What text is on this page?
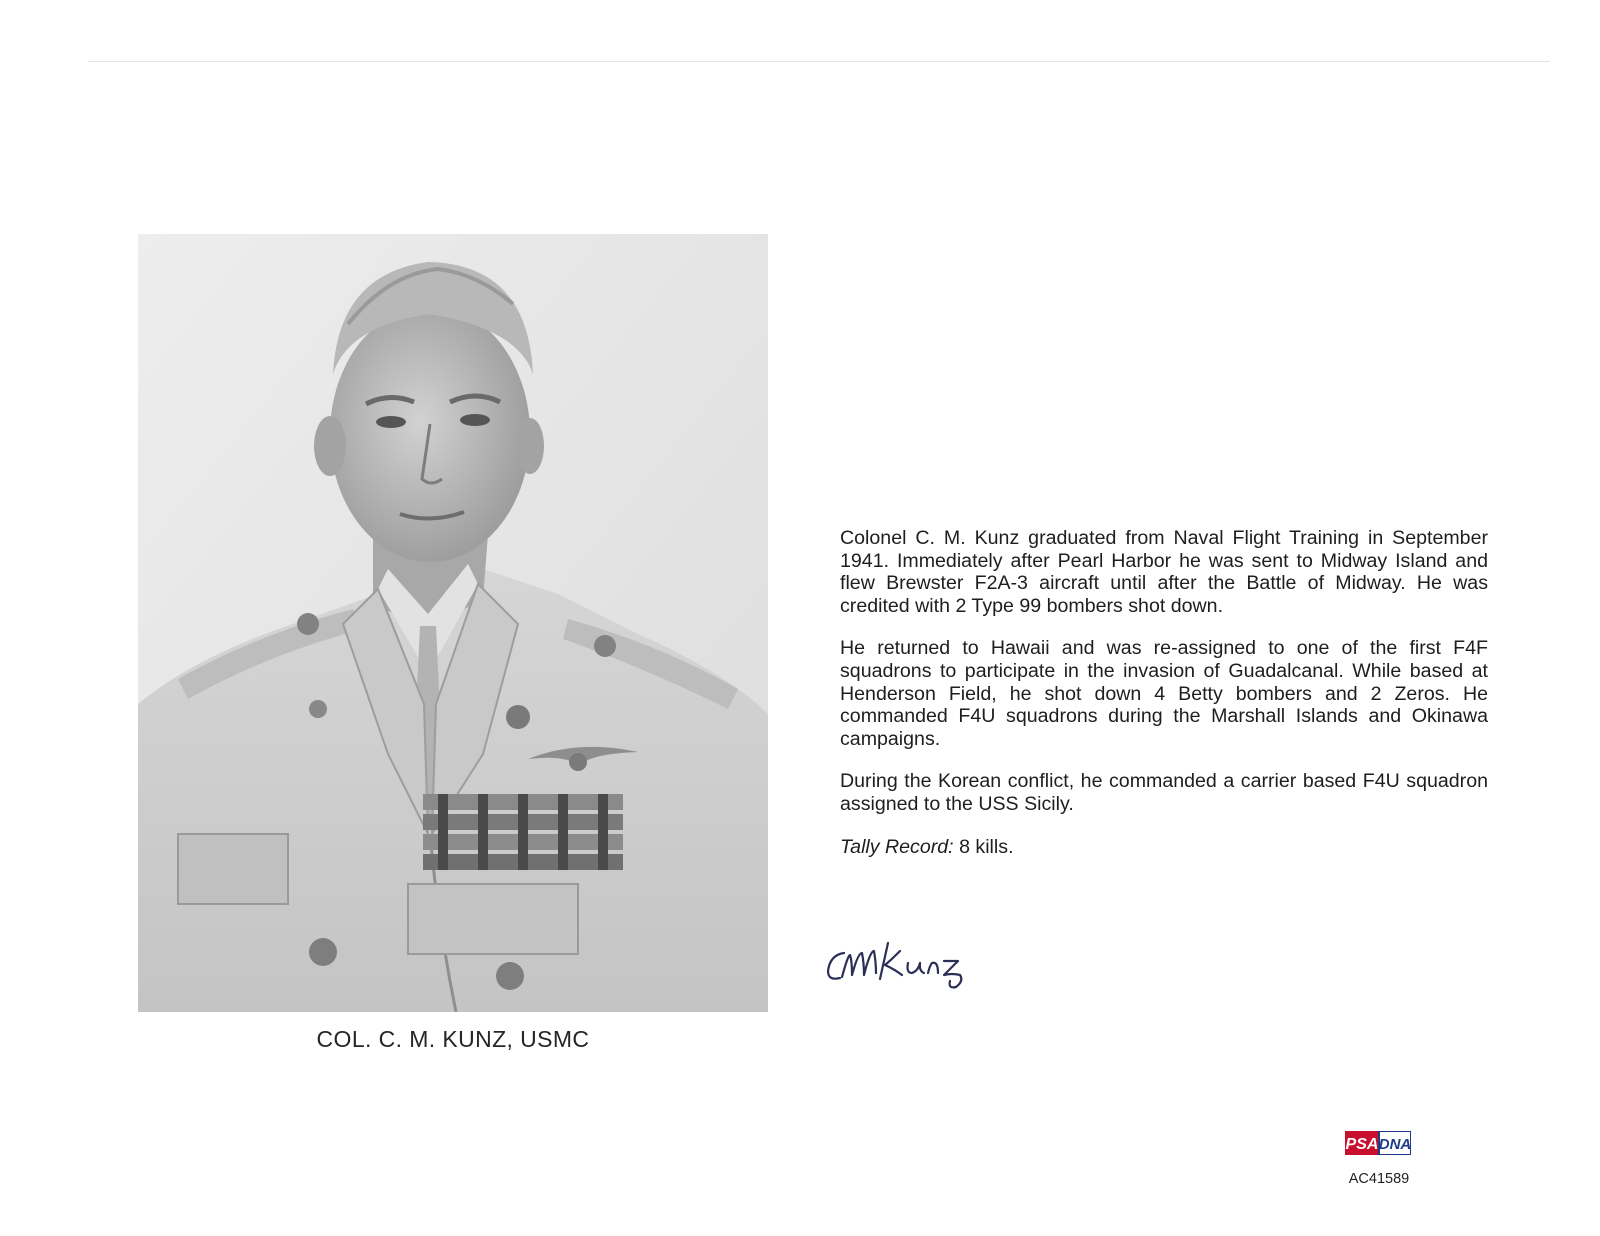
COL. C. M. KUNZ, USMC

Colonel C. M. Kunz graduated from Naval Flight Training in September 1941. Immediately after Pearl Harbor he was sent to Midway Island and flew Brewster F2A-3 aircraft until after the Battle of Midway. He was credited with 2 Type 99 bombers shot down.

He returned to Hawaii and was re-assigned to one of the first F4F squadrons to participate in the invasion of Guadalcanal. While based at Henderson Field, he shot down 4 Betty bombers and 2 Zeros. He commanded F4U squadrons during the Marshall Islands and Okinawa campaigns.

During the Korean conflict, he commanded a carrier based F4U squadron assigned to the USS Sicily.

Tally Record: 8 kills.

PSA DNA
AC41589
